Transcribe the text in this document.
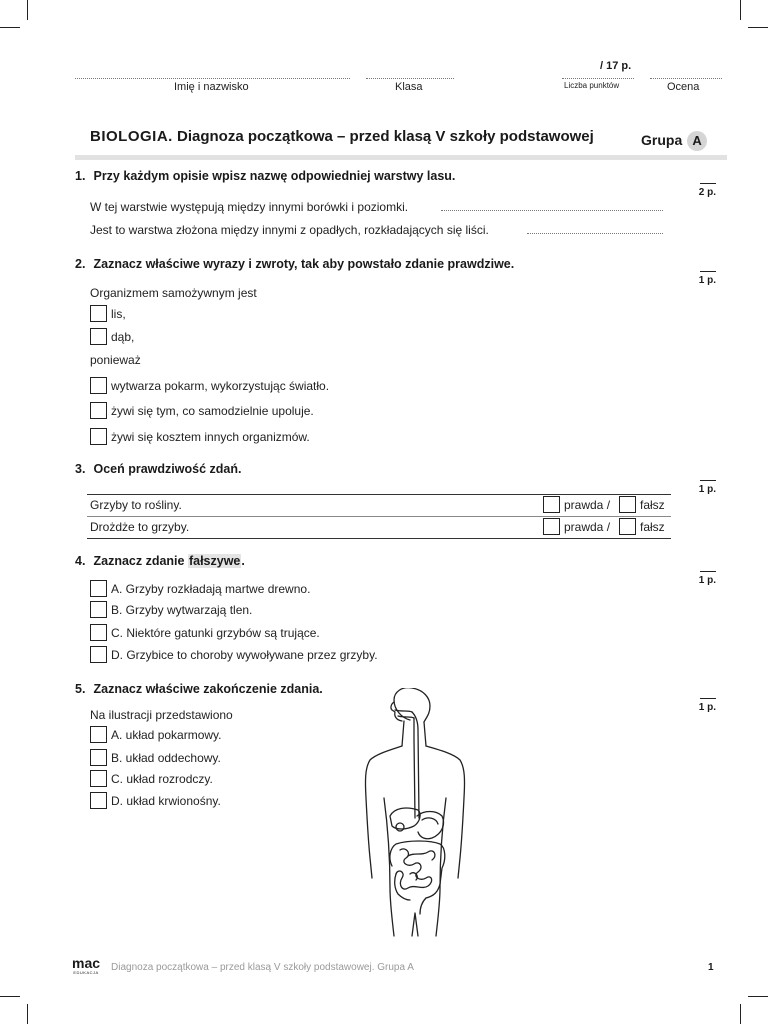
/ 17 p.
Imię i nazwisko	Klasa	Liczba punktów	Ocena
BIOLOGIA. Diagnoza początkowa – przed klasą V szkoły podstawowej	Grupa A
1. Przy każdym opisie wpisz nazwę odpowiedniej warstwy lasu.
2 p.
W tej warstwie występują między innymi borówki i poziomki.
Jest to warstwa złożona między innymi z opadłych, rozkładających się liści.
2. Zaznacz właściwe wyrazy i zwroty, tak aby powstało zdanie prawdziwe.
1 p.
Organizmem samożywnym jest
lis,
dąb,
ponieważ
wytwarza pokarm, wykorzystując światło.
żywi się tym, co samodzielnie upoluje.
żywi się kosztem innych organizmów.
3. Oceń prawdziwość zdań.
1 p.
Grzyby to rośliny.	prawda / fałsz
Drożdże to grzyby.	prawda / fałsz
4. Zaznacz zdanie fałszywe.
1 p.
A. Grzyby rozkładają martwe drewno.
B. Grzyby wytwarzają tlen.
C. Niektóre gatunki grzybów są trujące.
D. Grzybice to choroby wywoływane przez grzyby.
5. Zaznacz właściwe zakończenie zdania.
1 p.
Na ilustracji przedstawiono
A. układ pokarmowy.
B. układ oddechowy.
C. układ rozrodczy.
D. układ krwionośny.
mac
EDUKACJA Diagnoza początkowa – przed klasą V szkoły podstawowej. Grupa A	1
